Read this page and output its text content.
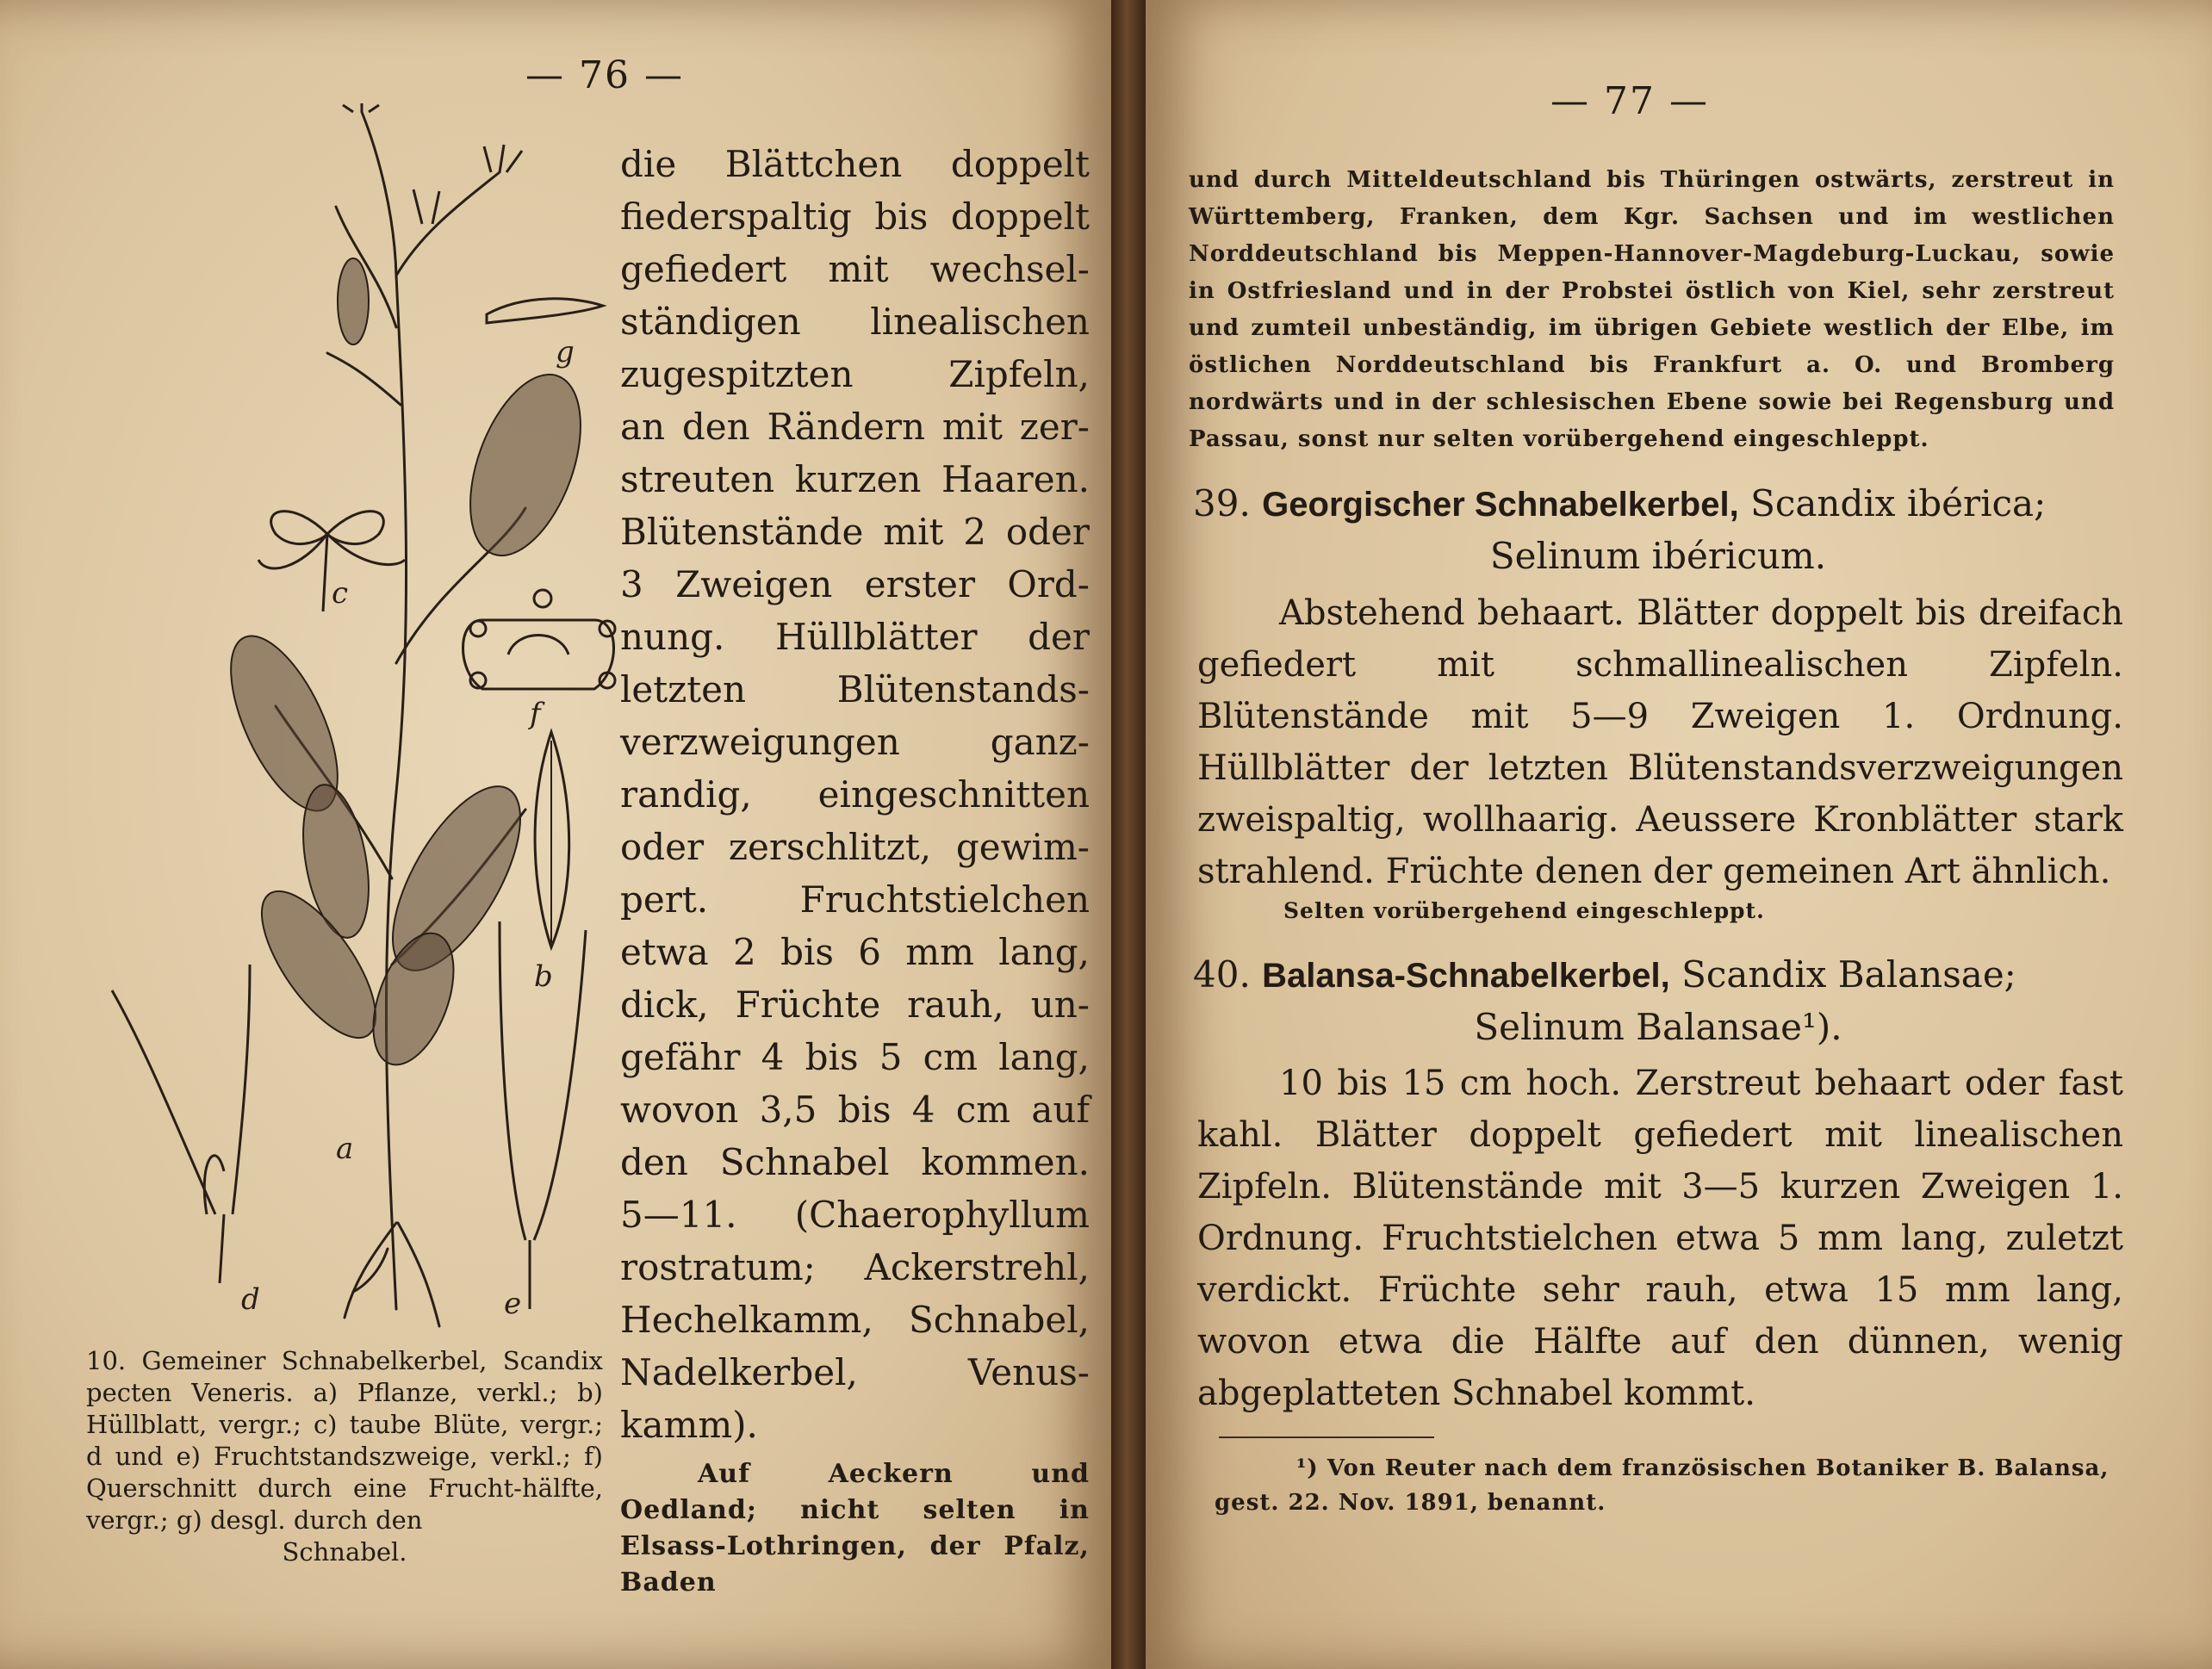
— 76 —
g
c
f
b
a
d	e
die Blättchen doppelt
fiederspaltig bis doppelt
gefiedert mit wechsel-
ständigen linealischen
zugespitzten Zipfeln,
an den Rändern mit zer-
streuten kurzen Haaren.
Blütenstände mit 2 oder
3 Zweigen erster Ord-
nung. Hüllblätter der
letzten Blütenstands-
verzweigungen ganz-
randig, eingeschnitten
oder zerschlitzt, gewim-
pert. Fruchtstielchen
etwa 2 bis 6 mm lang,
dick, Früchte rauh, un-
gefähr 4 bis 5 cm lang,
wovon 3,5 bis 4 cm auf
den Schnabel kommen.
5—11. (Chaerophyllum
rostratum; Ackerstrehl,
Hechelkamm, Schnabel,
Nadelkerbel, Venus-
kamm).

Auf Aeckern und Oedland; nicht selten in Elsass-Lothringen, der Pfalz, Baden

10. Gemeiner Schnabelkerbel, Scandix pecten Veneris. a) Pflanze, verkl.; b) Hüllblatt, vergr.; c) taube Blüte, vergr.; d und e) Fruchtstandszweige, verkl.; f) Querschnitt durch eine Frucht-hälfte, vergr.; g) desgl. durch den
Schnabel.
— 77 —
und durch Mitteldeutschland bis Thüringen ostwärts, zerstreut in Württemberg, Franken, dem Kgr. Sachsen und im westlichen Norddeutschland bis Meppen-Hannover-Magdeburg-Luckau, sowie in Ostfriesland und in der Probstei östlich von Kiel, sehr zerstreut und zumteil unbeständig, im übrigen Gebiete westlich der Elbe, im östlichen Norddeutschland bis Frankfurt a. O. und Bromberg nordwärts und in der schlesischen Ebene sowie bei Regensburg und Passau, sonst nur selten vorübergehend eingeschleppt.
39. Georgischer Schnabelkerbel, Scandix ibérica;
Selinum ibéricum.
Abstehend behaart. Blätter doppelt bis dreifach gefiedert mit schmallinealischen Zipfeln. Blütenstände mit 5—9 Zweigen 1. Ordnung. Hüllblätter der letzten Blütenstandsverzweigungen zweispaltig, wollhaarig. Aeussere Kronblätter stark strahlend. Früchte denen der gemeinen Art ähnlich.
Selten vorübergehend eingeschleppt.
40. Balansa-Schnabelkerbel, Scandix Balansae;
Selinum Balansae¹).
10 bis 15 cm hoch. Zerstreut behaart oder fast kahl. Blätter doppelt gefiedert mit linealischen Zipfeln. Blütenstände mit 3—5 kurzen Zweigen 1. Ordnung. Fruchtstielchen etwa 5 mm lang, zuletzt verdickt. Früchte sehr rauh, etwa 15 mm lang, wovon etwa die Hälfte auf den dünnen, wenig abgeplatteten Schnabel kommt.
¹) Von Reuter nach dem französischen Botaniker B. Balansa, gest. 22. Nov. 1891, benannt.
